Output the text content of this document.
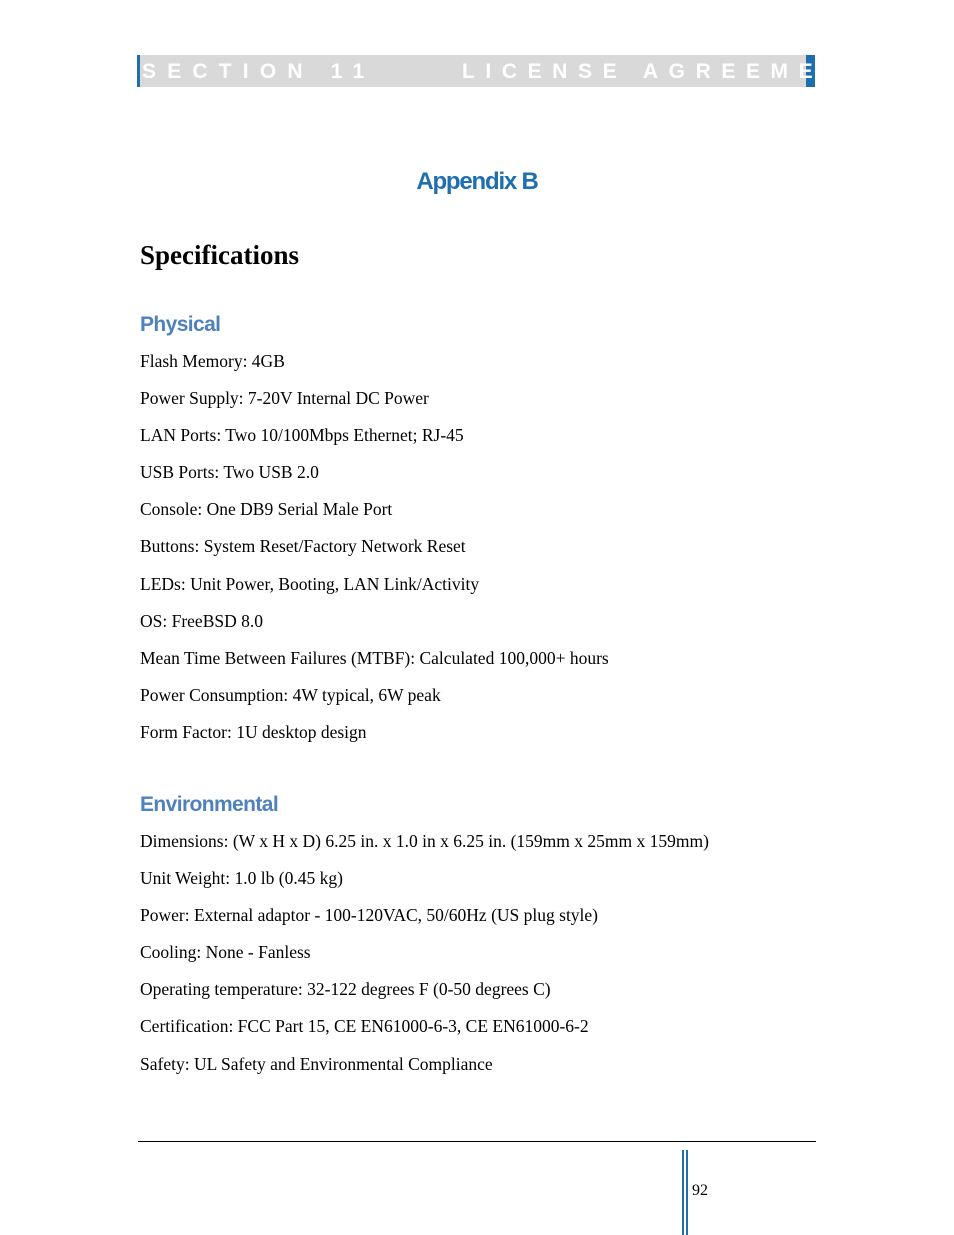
SECTION 11	LICENSE AGREEMENT
Appendix B
Specifications
Physical
Flash Memory: 4GB
Power Supply: 7-20V Internal DC Power
LAN Ports: Two 10/100Mbps Ethernet; RJ-45
USB Ports: Two USB 2.0
Console: One DB9 Serial Male Port
Buttons: System Reset/Factory Network Reset
LEDs: Unit Power, Booting, LAN Link/Activity
OS: FreeBSD 8.0
Mean Time Between Failures (MTBF): Calculated 100,000+ hours
Power Consumption: 4W typical, 6W peak
Form Factor: 1U desktop design
Environmental
Dimensions: (W x H x D) 6.25 in. x 1.0 in x 6.25 in. (159mm x 25mm x 159mm)
Unit Weight: 1.0 lb (0.45 kg)
Power: External adaptor - 100-120VAC, 50/60Hz (US plug style)
Cooling: None - Fanless
Operating temperature: 32-122 degrees F (0-50 degrees C)
Certification: FCC Part 15, CE EN61000-6-3, CE EN61000-6-2
Safety: UL Safety and Environmental Compliance
92
